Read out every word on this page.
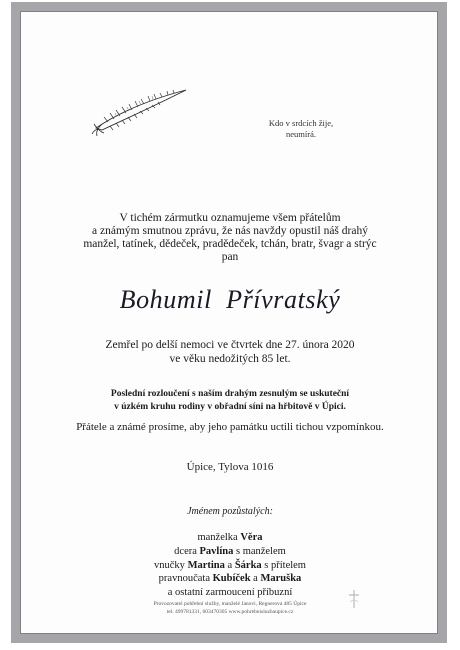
Kdo v srdcích žije,
neumírá.
V tichém zármutku oznamujeme všem přátelům
a známým smutnou zprávu, že nás navždy opustil náš drahý
manžel, tatínek, dědeček, pradědeček, tchán, bratr, švagr a strýc
pan
Bohumil  Přívratský
Zemřel po delší nemoci ve čtvrtek dne 27. února 2020
ve věku nedožitých 85 let.
Poslední rozloučení s naším drahým zesnulým se uskuteční
v úzkém kruhu rodiny v obřadní síni na hřbitově v Úpici.
Přátele a známé prosíme, aby jeho památku uctili tichou vzpomínkou.
Úpice, Tylova 1016
Jménem pozůstalých:
manželka Věra
dcera Pavlína s manželem
vnučky Martina a Šárka s přítelem
pravnoučata Kubíček a Maruška
a ostatní zarmoucení příbuzní
Provozovatel pohřební služby, manželé Janovi, Regnerova 485 Úpice
tel. 499781331, 603470305 www.pohrebnisluzbaupice.cz
